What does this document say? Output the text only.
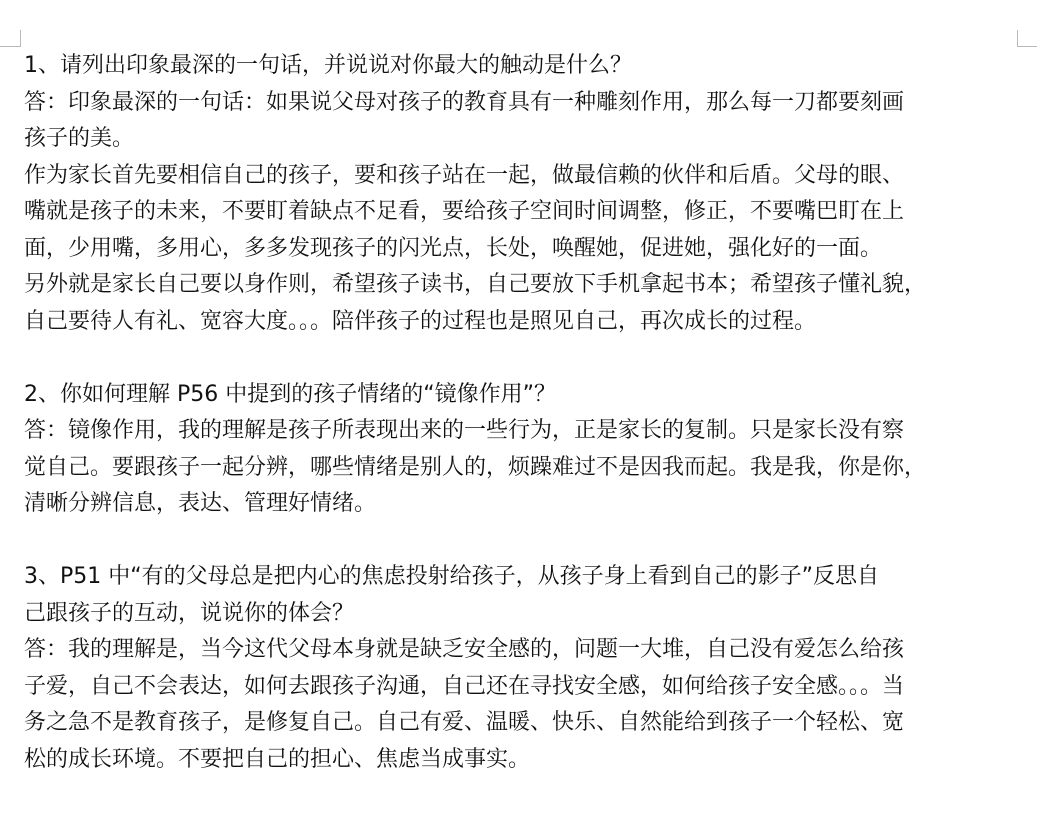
1、请列出印象最深的一句话，并说说对你最大的触动是什么？
答：印象最深的一句话：如果说父母对孩子的教育具有一种雕刻作用，那么每一刀都要刻画
孩子的美。
作为家长首先要相信自己的孩子，要和孩子站在一起，做最信赖的伙伴和后盾。父母的眼、
嘴就是孩子的未来，不要盯着缺点不足看，要给孩子空间时间调整，修正，不要嘴巴盯在上
面，少用嘴，多用心，多多发现孩子的闪光点，长处，唤醒她，促进她，强化好的一面。
另外就是家长自己要以身作则，希望孩子读书，自己要放下手机拿起书本；希望孩子懂礼貌，
自己要待人有礼、宽容大度。。。陪伴孩子的过程也是照见自己，再次成长的过程。
2、你如何理解 P56 中提到的孩子情绪的“镜像作用”？
答：镜像作用，我的理解是孩子所表现出来的一些行为，正是家长的复制。只是家长没有察
觉自己。要跟孩子一起分辨，哪些情绪是别人的，烦躁难过不是因我而起。我是我，你是你，
清晰分辨信息，表达、管理好情绪。
3、P51 中“有的父母总是把内心的焦虑投射给孩子，从孩子身上看到自己的影子”反思自
己跟孩子的互动，说说你的体会？
答：我的理解是，当今这代父母本身就是缺乏安全感的，问题一大堆，自己没有爱怎么给孩
子爱，自己不会表达，如何去跟孩子沟通，自己还在寻找安全感，如何给孩子安全感。。。当
务之急不是教育孩子，是修复自己。自己有爱、温暖、快乐、自然能给到孩子一个轻松、宽
松的成长环境。不要把自己的担心、焦虑当成事实。
